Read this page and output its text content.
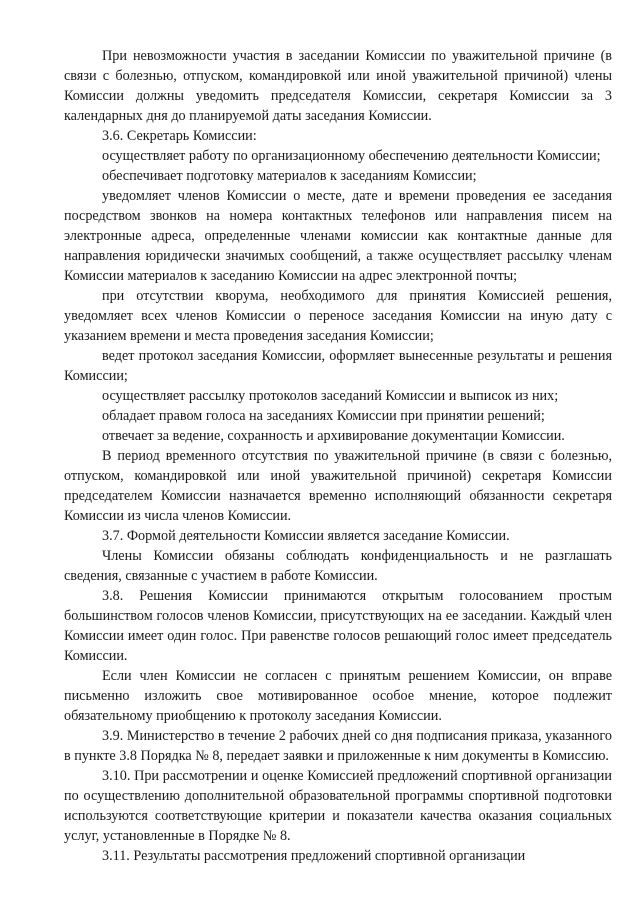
При невозможности участия в заседании Комиссии по уважительной причине (в связи с болезнью, отпуском, командировкой или иной уважительной причиной) члены Комиссии должны уведомить председателя Комиссии, секретаря Комиссии за 3 календарных дня до планируемой даты заседания Комиссии.

3.6. Секретарь Комиссии:

осуществляет работу по организационному обеспечению деятельности Комиссии;

обеспечивает подготовку материалов к заседаниям Комиссии;

уведомляет членов Комиссии о месте, дате и времени проведения ее заседания посредством звонков на номера контактных телефонов или направления писем на электронные адреса, определенные членами комиссии как контактные данные для направления юридически значимых сообщений, а также осуществляет рассылку членам Комиссии материалов к заседанию Комиссии на адрес электронной почты;

при отсутствии кворума, необходимого для принятия Комиссией решения, уведомляет всех членов Комиссии о переносе заседания Комиссии на иную дату с указанием времени и места проведения заседания Комиссии;

ведет протокол заседания Комиссии, оформляет вынесенные результаты и решения Комиссии;

осуществляет рассылку протоколов заседаний Комиссии и выписок из них;

обладает правом голоса на заседаниях Комиссии при принятии решений;

отвечает за ведение, сохранность и архивирование документации Комиссии.

В период временного отсутствия по уважительной причине (в связи с болезнью, отпуском, командировкой или иной уважительной причиной) секретаря Комиссии председателем Комиссии назначается временно исполняющий обязанности секретаря Комиссии из числа членов Комиссии.

3.7. Формой деятельности Комиссии является заседание Комиссии.

Члены Комиссии обязаны соблюдать конфиденциальность и не разглашать сведения, связанные с участием в работе Комиссии.

3.8. Решения Комиссии принимаются открытым голосованием простым большинством голосов членов Комиссии, присутствующих на ее заседании. Каждый член Комиссии имеет один голос. При равенстве голосов решающий голос имеет председатель Комиссии.

Если член Комиссии не согласен с принятым решением Комиссии, он вправе письменно изложить свое мотивированное особое мнение, которое подлежит обязательному приобщению к протоколу заседания Комиссии.

3.9. Министерство в течение 2 рабочих дней со дня подписания приказа, указанного в пункте 3.8 Порядка № 8, передает заявки и приложенные к ним документы в Комиссию.

3.10. При рассмотрении и оценке Комиссией предложений спортивной организации по осуществлению дополнительной образовательной программы спортивной подготовки используются соответствующие критерии и показатели качества оказания социальных услуг, установленные в Порядке № 8.

3.11. Результаты рассмотрения предложений спортивной организации
